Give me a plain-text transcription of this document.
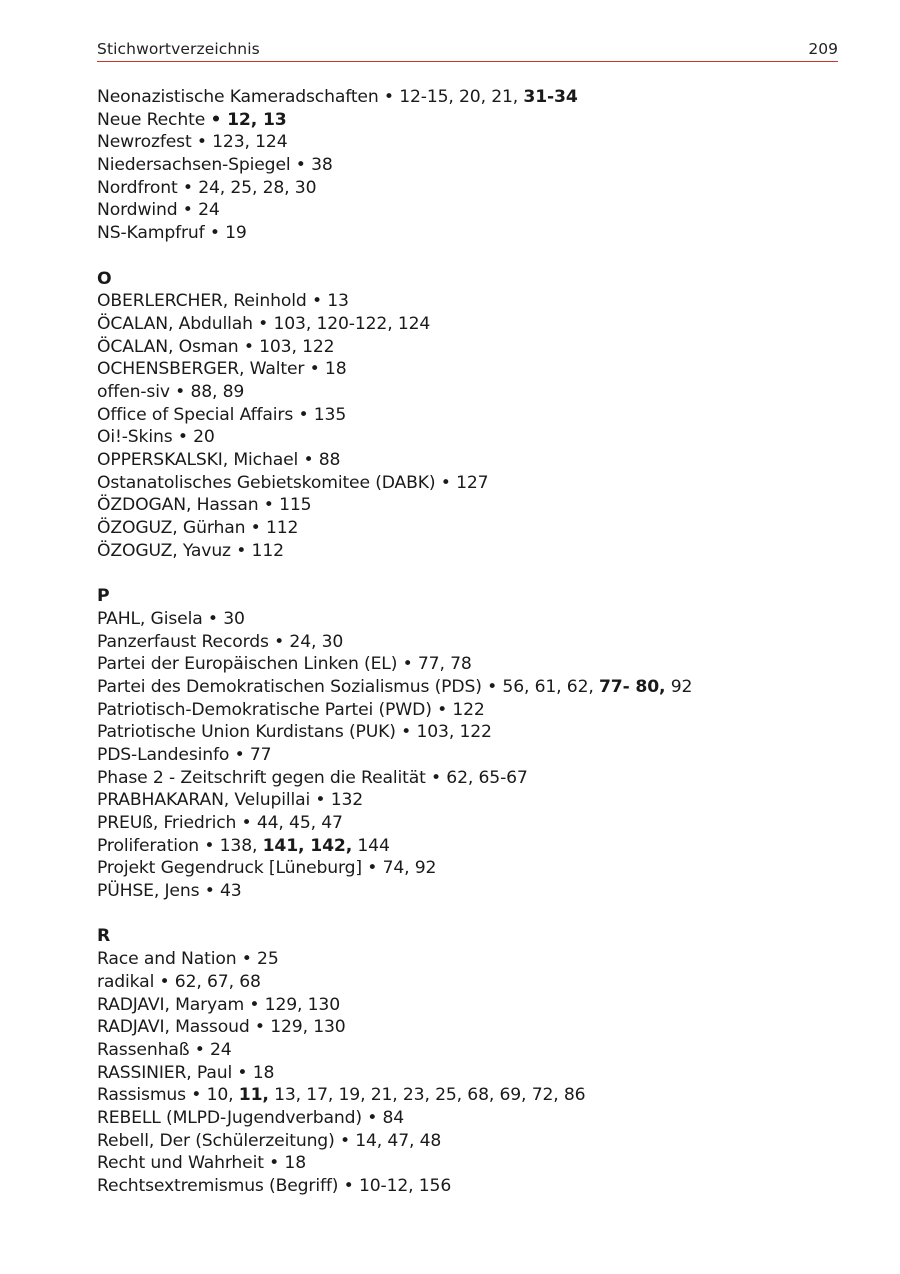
Stichwortverzeichnis	209
Neonazistische Kameradschaften • 12-15, 20, 21, 31-34
Neue Rechte • 12, 13
Newrozfest • 123, 124
Niedersachsen-Spiegel • 38
Nordfront • 24, 25, 28, 30
Nordwind • 24
NS-Kampfruf • 19
O
OBERLERCHER, Reinhold • 13
ÖCALAN, Abdullah • 103, 120-122, 124
ÖCALAN, Osman • 103, 122
OCHENSBERGER, Walter • 18
offen-siv • 88, 89
Office of Special Affairs • 135
Oi!-Skins • 20
OPPERSKALSKI, Michael • 88
Ostanatolisches Gebietskomitee (DABK) • 127
ÖZDOGAN, Hassan • 115
ÖZOGUZ, Gürhan • 112
ÖZOGUZ, Yavuz • 112
P
PAHL, Gisela • 30
Panzerfaust Records • 24, 30
Partei der Europäischen Linken (EL) • 77, 78
Partei des Demokratischen Sozialismus (PDS) • 56, 61, 62, 77- 80, 92
Patriotisch-Demokratische Partei (PWD) • 122
Patriotische Union Kurdistans (PUK) • 103, 122
PDS-Landesinfo • 77
Phase 2 - Zeitschrift gegen die Realität • 62, 65-67
PRABHAKARAN, Velupillai • 132
PREUß, Friedrich • 44, 45, 47
Proliferation • 138, 141, 142, 144
Projekt Gegendruck [Lüneburg] • 74, 92
PÜHSE, Jens • 43
R
Race and Nation • 25
radikal • 62, 67, 68
RADJAVI, Maryam • 129, 130
RADJAVI, Massoud • 129, 130
Rassenhaß • 24
RASSINIER, Paul • 18
Rassismus • 10, 11, 13, 17, 19, 21, 23, 25, 68, 69, 72, 86
REBELL (MLPD-Jugendverband) • 84
Rebell, Der (Schülerzeitung) • 14, 47, 48
Recht und Wahrheit • 18
Rechtsextremismus (Begriff) • 10-12, 156
